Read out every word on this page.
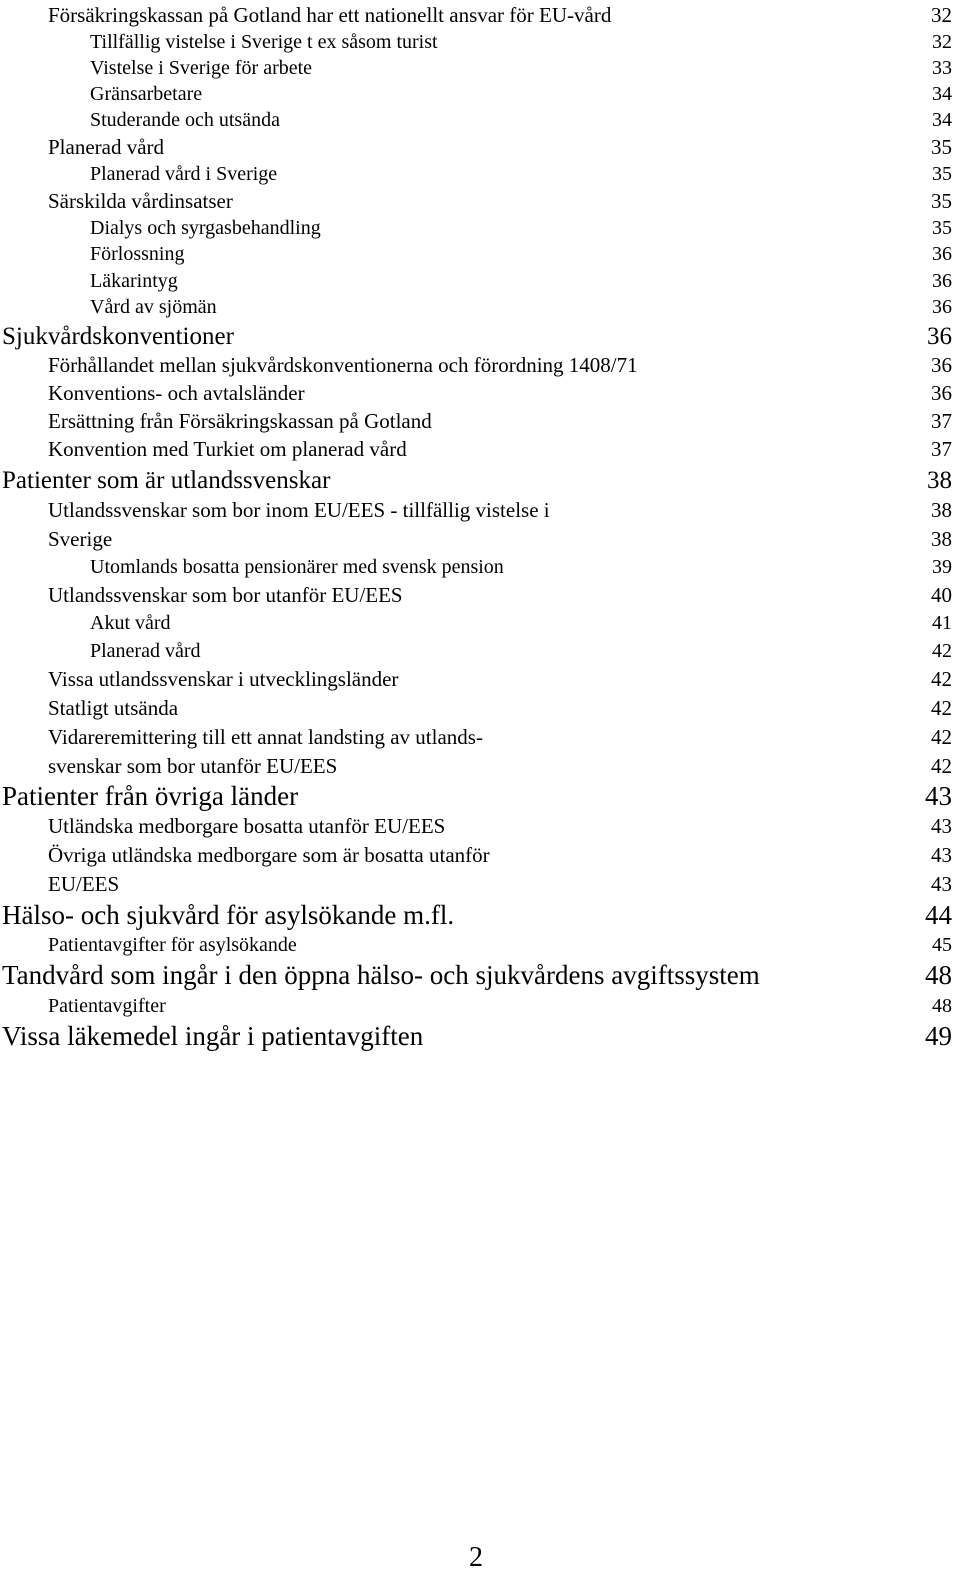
Försäkringskassan på Gotland har ett nationellt ansvar för EU-vård	32
Tillfällig vistelse i Sverige t ex såsom turist	32
Vistelse i Sverige för arbete	33
Gränsarbetare	34
Studerande och utsända	34
Planerad vård	35
Planerad vård i Sverige	35
Särskilda vårdinsatser	35
Dialys och syrgasbehandling	35
Förlossning	36
Läkarintyg	36
Vård av sjömän	36
Sjukvårdskonventioner	36
Förhållandet mellan sjukvårdskonventionerna och förordning 1408/71	36
Konventions- och avtalsländer	36
Ersättning från Försäkringskassan på Gotland	37
Konvention med Turkiet om planerad vård	37
Patienter som är utlandssvenskar	38
Utlandssvenskar som bor inom EU/EES - tillfällig vistelse i	38
Sverige	38
Utomlands bosatta pensionärer med svensk pension	39
Utlandssvenskar som bor utanför EU/EES	40
Akut vård	41
Planerad vård	42
Vissa utlandssvenskar i utvecklingsländer	42
Statligt utsända	42
Vidareremittering till ett annat landsting av utlands-	42
svenskar som bor utanför EU/EES	42
Patienter från övriga länder	43
Utländska medborgare bosatta utanför EU/EES	43
Övriga utländska medborgare som är bosatta utanför	43
EU/EES	43
Hälso- och sjukvård för asylsökande m.fl.	44
Patientavgifter för asylsökande	45
Tandvård som ingår i den öppna hälso- och sjukvårdens avgiftssystem	48
Patientavgifter	48
Vissa läkemedel ingår i patientavgiften	49
2
